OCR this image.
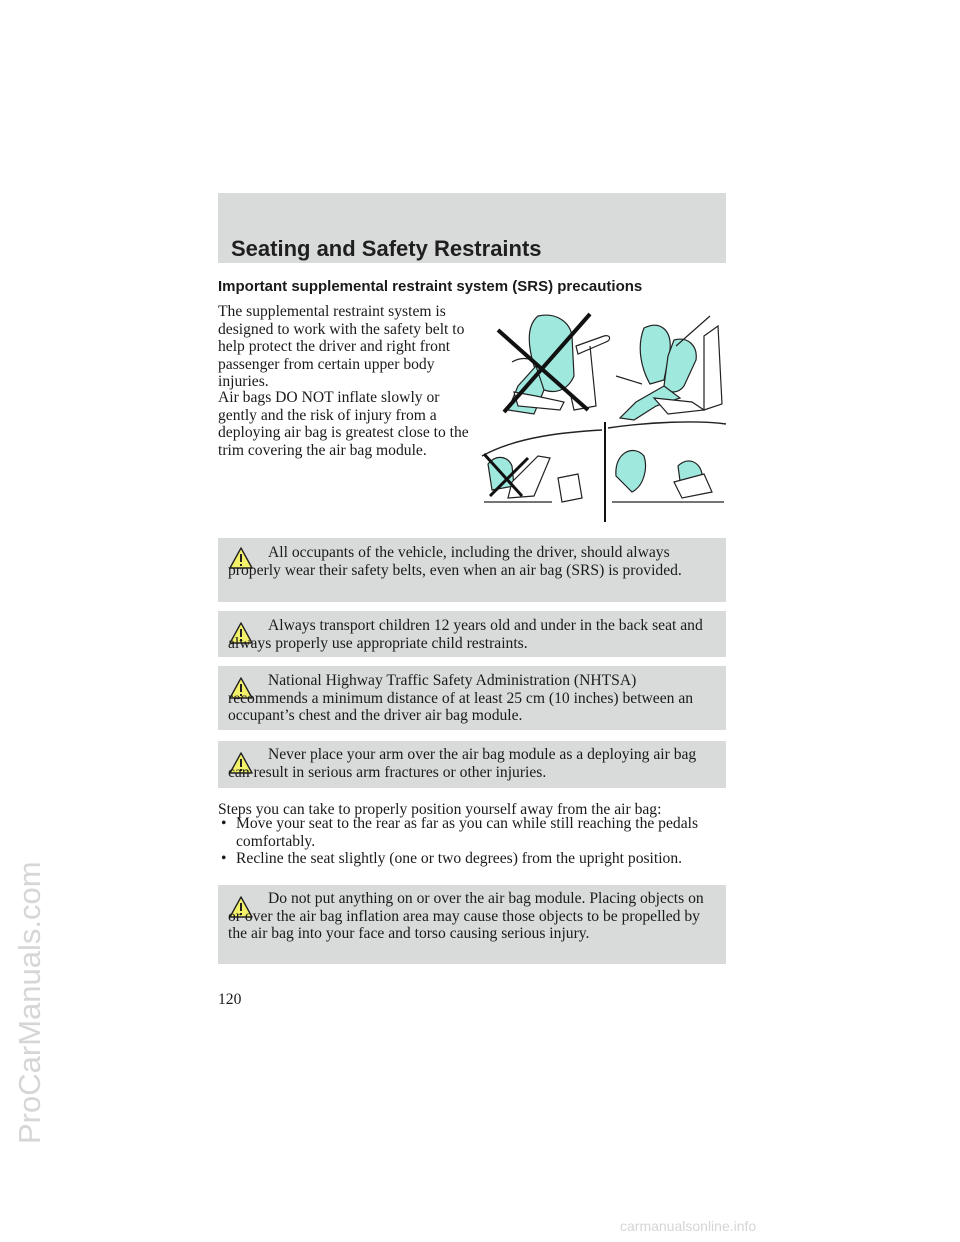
ProCarManuals.com
Seating and Safety Restraints
Important supplemental restraint system (SRS) precautions

The supplemental restraint system is designed to work with the safety belt to help protect the driver and right front passenger from certain upper body injuries.

Air bags DO NOT inflate slowly or gently and the risk of injury from a deploying air bag is greatest close to the trim covering the air bag module.

All occupants of the vehicle, including the driver, should always properly wear their safety belts, even when an air bag (SRS) is provided.

Always transport children 12 years old and under in the back seat and always properly use appropriate child restraints.

National Highway Traffic Safety Administration (NHTSA) recommends a minimum distance of at least 25 cm (10 inches) between an occupant’s chest and the driver air bag module.

Never place your arm over the air bag module as a deploying air bag can result in serious arm fractures or other injuries.

Steps you can take to properly position yourself away from the air bag:

• Move your seat to the rear as far as you can while still reaching the pedals comfortably.

• Recline the seat slightly (one or two degrees) from the upright position.

Do not put anything on or over the air bag module. Placing objects on or over the air bag inflation area may cause those objects to be propelled by the air bag into your face and torso causing serious injury.

120
carmanualsonline.info
